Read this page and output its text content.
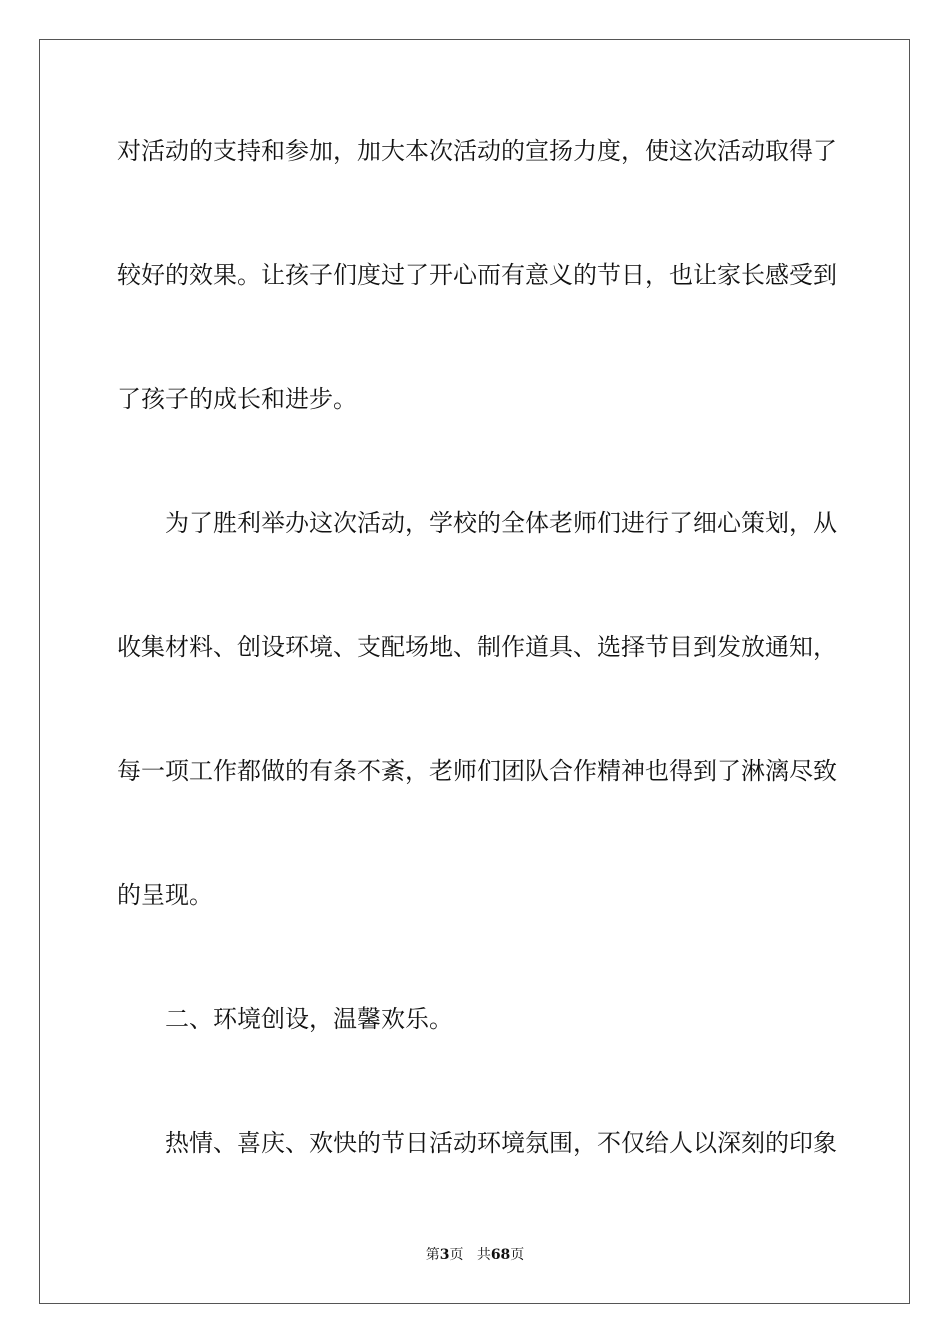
对活动的支持和参加，加大本次活动的宣扬力度，使这次活动取得了
较好的效果。让孩子们度过了开心而有意义的节日，也让家长感受到
了孩子的成长和进步。
为了胜利举办这次活动，学校的全体老师们进行了细心策划，从
收集材料、创设环境、支配场地、制作道具、选择节目到发放通知，
每一项工作都做的有条不紊，老师们团队合作精神也得到了淋漓尽致
的呈现。
二、环境创设，温馨欢乐。
热情、喜庆、欢快的节日活动环境氛围，不仅给人以深刻的印象
第3页 共68页
